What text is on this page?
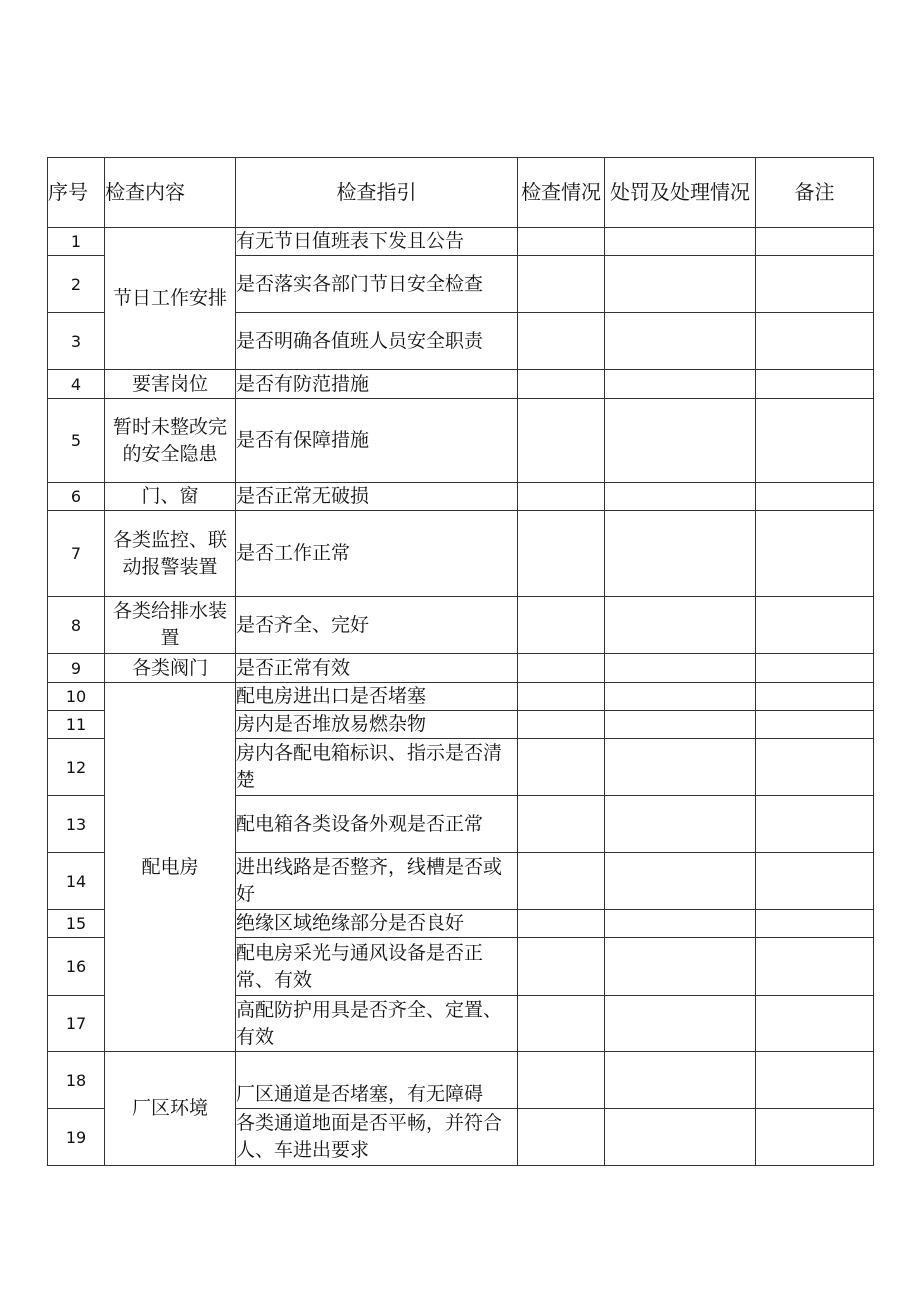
序号	检查内容	检查指引	检查情况	处罚及处理情况	备注
1	节日工作安排	有无节日值班表下发且公告			
2		是否落实各部门节日安全检查			
3		是否明确各值班人员安全职责			
4	要害岗位	是否有防范措施			
5	暂时未整改完的安全隐患	是否有保障措施			
6	门、窗	是否正常无破损			
7	各类监控、联动报警装置	是否工作正常			
8	各类给排水装置	是否齐全、完好			
9	各类阀门	是否正常有效			
10	配电房	配电房进出口是否堵塞			
11		房内是否堆放易燃杂物			
12		房内各配电箱标识、指示是否清楚			
13		配电箱各类设备外观是否正常			
14		进出线路是否整齐，线槽是否或好			
15		绝缘区域绝缘部分是否良好			
16		配电房采光与通风设备是否正常、有效			
17		高配防护用具是否齐全、定置、有效			
18	厂区环境	厂区通道是否堵塞，有无障碍			
19		各类通道地面是否平畅，并符合人、车进出要求			
